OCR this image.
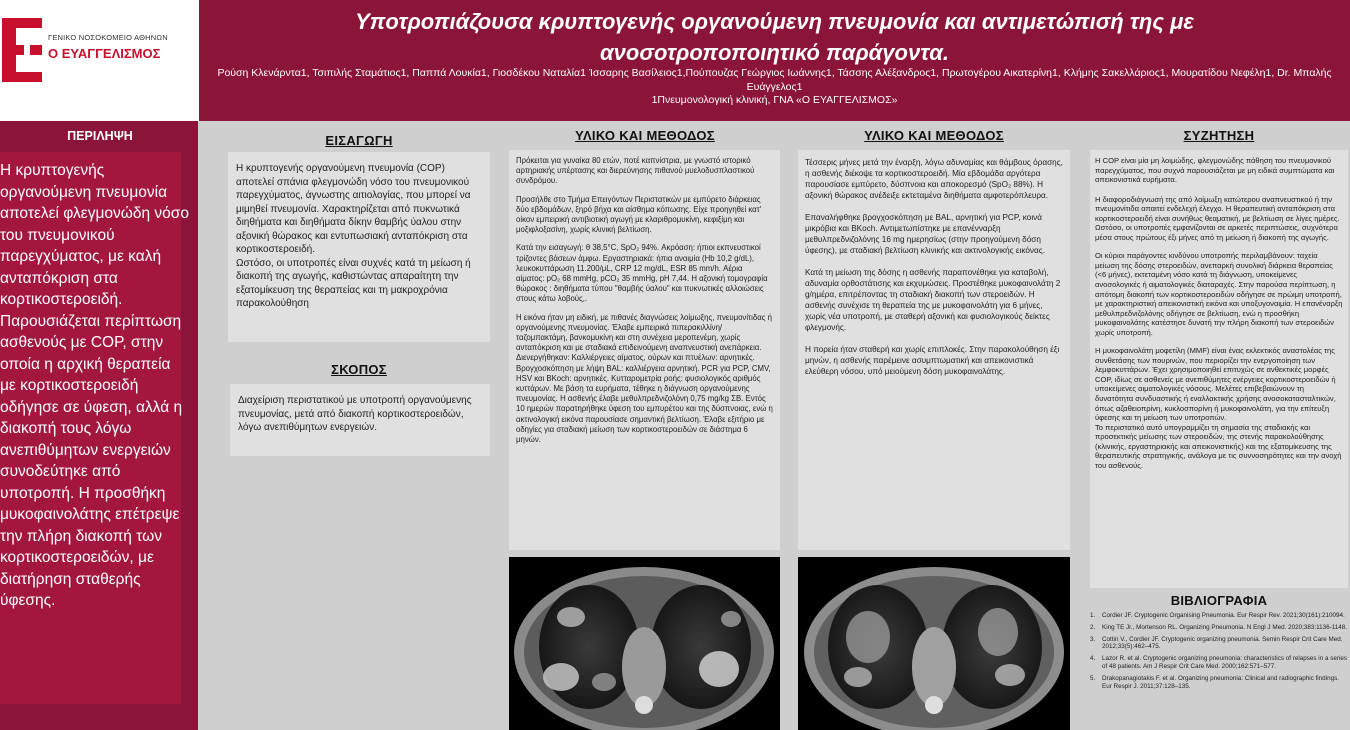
ΓΕΝΙΚΟ ΝΟΣΟΚΟΜΕΙΟ ΑΘΗΝΩΝ
Ο ΕΥΑΓΓΕΛΙΣΜΟΣ
Υποτροπιάζουσα κρυπτογενής οργανούμενη πνευμονία και αντιμετώπισή της με ανοσοτροποποιητικό παράγοντα.
Ρούση Κλενάρντα1, Τσιπιλής Σταμάτιος1, Παππά Λουκία1, Γιοσδέκου Ναταλία1 Ίσσαρης Βασίλειος1,Πούπουζας Γεώργιος Ιωάννης1, Τάσσης Αλέξανδρος1, Πρωτογέρου Αικατερίνη1, Κλήμης Σακελλάριος1, Μουρατίδου Νεφέλη1, Dr. Μπαλής Ευάγγελος1
1Πνευμονολογική κλινική, ΓΝΑ «Ο ΕΥΑΓΓΕΛΙΣΜΟΣ»
ΠΕΡΙΛΗΨΗ
Η κρυπτογενής οργανούμενη πνευμονία αποτελεί φλεγμονώδη νόσο του πνευμονικού παρεγχύματος, με καλή ανταπόκριση στα κορτικοστεροειδή. Παρουσιάζεται περίπτωση ασθενούς με COP, στην οποία η αρχική θεραπεία με κορτικοστεροειδή οδήγησε σε ύφεση, αλλά η διακοπή τους λόγω ανεπιθύμητων ενεργειών συνοδεύτηκε από υποτροπή. Η προσθήκη μυκοφαινολάτης επέτρεψε την πλήρη διακοπή των κορτικοστεροειδών, με διατήρηση σταθερής ύφεσης.
ΕΙΣΑΓΩΓΗ

Η κρυπτογενής οργανούμενη πνευμονία (COP) αποτελεί σπάνια φλεγμονώδη νόσο του πνευμονικού παρεγχύματος, άγνωστης αιτιολογίας, που μπορεί να μιμηθεί πνευμονία. Χαρακτηρίζεται από πυκνωτικά διηθήματα και διηθήματα δίκην θαμβής ύαλου στην αξονική θώρακος και εντυπωσιακή ανταπόκριση στα κορτικοστεροειδή.

Ωστόσο, οι υποτροπές είναι συχνές κατά τη μείωση ή διακοπή της αγωγής, καθιστώντας απαραίτητη την εξατομίκευση της θεραπείας και τη μακροχρόνια παρακολούθηση

ΣΚΟΠΟΣ

Διαχείριση περιστατικού με υποτροπή οργανούμενης πνευμονίας, μετά από διακοπή κορτικοστεροειδών, λόγω ανεπιθύμητων ενεργειών.

ΥΛΙΚΟ ΚΑΙ ΜΕΘΟΔΟΣ

Πρόκειται για γυναίκα 80 ετών, ποτέ καπνίστρια, με γνωστό ιστορικό αρτηριακής υπέρτασης και διερεύνησης πιθανού μυελοδυσπλαστικού συνδρόμου.

Προσήλθε στο Τμήμα Επειγόντων Περιστατικών με εμπύρετο διάρκειας δύο εβδομάδων, ξηρό βήχα και αίσθημα κόπωσης. Είχε προηγηθεί κατ' οίκον εμπειρική αντιβιοτική αγωγή με κλαριθρομυκίνη, κεφιξίμη και μοξιφλοξασίνη, χωρίς κλινική βελτίωση.

Κατά την εισαγωγή: θ 38,5°C, SpO₂ 94%. Ακρόαση: ήπιοι εκπνευστικοί τρίζοντες βάσεων άμφω. Εργαστηριακά: ήπια αναιμία (Hb 10,2 g/dL), λευκοκυττάρωση 11.200/μL, CRP 12 mg/dL, ESR 85 mm/h. Αέρια αίματος: pO₂ 68 mmHg, pCO₂ 35 mmHg, pH 7,44. Η αξονική τομογραφία θώρακος : διηθήματα τύπου "θαμβής ύαλου" και πυκνωτικές αλλοιώσεις στους κάτω λοβούς,.

Η εικόνα ήταν μη ειδική, με πιθανές διαγνώσεις λοίμωξης, πνευμονίτιδας ή οργανούμενης πνευμονίας. Έλαβε εμπειρικά πιπερακιλλίνη/ταζομπακτάμη, βανκομυκίνη και στη συνέχεια μεροπενέμη, χωρίς ανταπόκριση και με σταδιακά επιδεινούμενη αναπνευστική ανεπάρκεια. Διενεργήθηκαν: Καλλιέργειες αίματος, ούρων και πτυέλων: αρνητικές. Βρογχοσκόπηση με λήψη BAL: καλλιέργεια αρνητική. PCR για PCP, CMV, HSV και BKoch: αρνητικές. Κυτταρομετρία ροής: φυσιολογικός αριθμός κυττάρων. Με βάση τα ευρήματα, τέθηκε η διάγνωση οργανούμενης πνευμονίας. Η ασθενής έλαβε μεθυλπρεδνιζολόνη 0,75 mg/kg ΣΒ. Εντός 10 ημερών παρατηρήθηκε ύφεση του εμπυρέτου και της δύσπνοιας, ενώ η ακτινολογική εικόνα παρουσίασε σημαντική βελτίωση. Έλαβε εξιτήριο με οδηγίες για σταδιακή μείωση των κορτικοστεροειδών σε διάστημα 6 μηνών.

ΥΛΙΚΟ ΚΑΙ ΜΕΘΟΔΟΣ

Τέσσερις μήνες μετά την έναρξη, λόγω αδυναμίας και θάμβους όρασης, η ασθενής διέκοψε τα κορτικοστεροειδή. Μία εβδομάδα αργότερα παρουσίασε εμπύρετο, δύσπνοια και αποκορεσμό (SpO₂ 88%). Η αξονική θώρακος ανέδειξε εκτεταμένα διηθήματα αμφοτερόπλευρα.

Επαναλήφθηκε βρογχοσκόπηση με BAL, αρνητική για PCP, κοινά μικρόβια και BKoch. Αντιμετωπίστηκε με επανένναρξη μεθυλπρεδνιζολόνης 16 mg ημερησίως (στην προηγούμενη δόση ύφεσης), με σταδιακή βελτίωση κλινικής και ακτινολογικής εικόνας.

Κατά τη μείωση της δόσης η ασθενής παραπονέθηκε για καταβολή, αδυναμία ορθοστάτισης και εκχυμώσεις. Προστέθηκε μυκοφαινολάτη 2 g/ημέρα, επιτρέποντας τη σταδιακή διακοπή των στεροειδών. Η ασθενής συνέχισε τη θεραπεία της με μυκοφαινολάτη για 6 μήνες, χωρίς νέα υποτροπή, με σταθερή αξονική και φυσιολογικούς δείκτες φλεγμονής.

Η πορεία ήταν σταθερή και χωρίς επιπλοκές. Στην παρακολούθηση έξι μηνών, η ασθενής παρέμεινε ασυμπτωματική και απεικονιστικά ελεύθερη νόσου, υπό μειούμενη δόση μυκοφαινολάτης.

ΣΥΖΗΤΗΣΗ

Η COP είναι μία μη λοιμώδης, φλεγμονώδης πάθηση του πνευμονικού παρεγχύματος, που συχνά παρουσιάζεται με μη ειδικά συμπτώματα και απεικονιστικά ευρήματα.

Η διαφοροδιάγνωσή της από λοίμωξη κατώτερου αναπνευστικού ή την πνευμονίτιδα απαιτεί ενδελεχή έλεγχο. Η θεραπευτική ανταπόκριση στα κορτικοστεροειδή είναι συνήθως θεαματική, με βελτίωση σε λίγες ημέρες. Ωστόσο, οι υποτροπές εμφανίζονται σε αρκετές περιπτώσεις, συχνότερα μέσα στους πρώτους έξι μήνες από τη μείωση ή διακοπή της αγωγής.

Οι κύριοι παράγοντες κινδύνου υποτροπής περιλαμβάνουν: ταχεία μείωση της δόσης στεροειδών, ανεπαρκή συνολική διάρκεια θεραπείας (<6 μήνες), εκτεταμένη νόσο κατά τη διάγνωση, υποκείμενες ανοσολογικές ή αιματολογικές διαταραχές. Στην παρούσα περίπτωση, η απότομη διακοπή των κορτικοστεροειδών οδήγησε σε πρώιμη υποτροπή, με χαρακτηριστική απεικονιστική εικόνα και υποξυγοναιμία. Η επανέναρξη μεθυλπρεδνιζολόνης οδήγησε σε βελτίωση, ενώ η προσθήκη μυκοφαινολάτης κατέστησε δυνατή την πλήρη διακοπή των στεροειδών χωρίς υποτροπή.

Η μυκοφαινολάτη μοφετίλη (MMF) είναι ένας εκλεκτικός αναστολέας της συνθετάσης των πουρινών, που περιορίζει την ενεργοποίηση των λεμφοκυττάρων. Έχει χρησιμοποιηθεί επιτυχώς σε ανθεκτικές μορφές COP, ιδίως σε ασθενείς με ανεπιθύμητες ενέργειες κορτικοστεροειδών ή υποκείμενες αιματολογικές νόσους. Μελέτες επιβεβαιώνουν τη δυνατότητα συνδυαστικής ή εναλλακτικής χρήσης ανοσοκατασταλτικών, όπως αζαθειοπρίνη, κυκλοσπορίνη ή μυκοφαινολάτη, για την επίτευξη ύφεσης και τη μείωση των υποτροπών.

Το περιστατικό αυτό υπογραμμίζει τη σημασία της σταδιακής και προσεκτικής μείωσης των στεροειδών, της στενής παρακολούθησης (κλινικής, εργαστηριακής και απεικονιστικής) και της εξατομίκευσης της θεραπευτικής στρατηγικής, ανάλογα με τις συννοσηρότητες και την ανοχή του ασθενούς.

ΒΙΒΛΙΟΓΡΑΦΙΑ
1.	Cordier JF. Cryptogenic Organising Pneumonia. Eur Respir Rev. 2021;30(161):210094.
2.	King TE Jr., Mortenson RL. Organizing Pneumonia. N Engl J Med. 2020;383:1136-1148.
3.	Cottin V., Cordier JF. Cryptogenic organizing pneumonia. Semin Respir Crit Care Med. 2012;33(5):462–475.
4.	Lazor R. et al. Cryptogenic organizing pneumonia: characteristics of relapses in a series of 48 patients. Am J Respir Crit Care Med. 2000;162:571–577.
5.	Drakopanagiotakis F. et al. Organizing pneumonia: Clinical and radiographic findings. Eur Respir J. 2011;37:128–135.
